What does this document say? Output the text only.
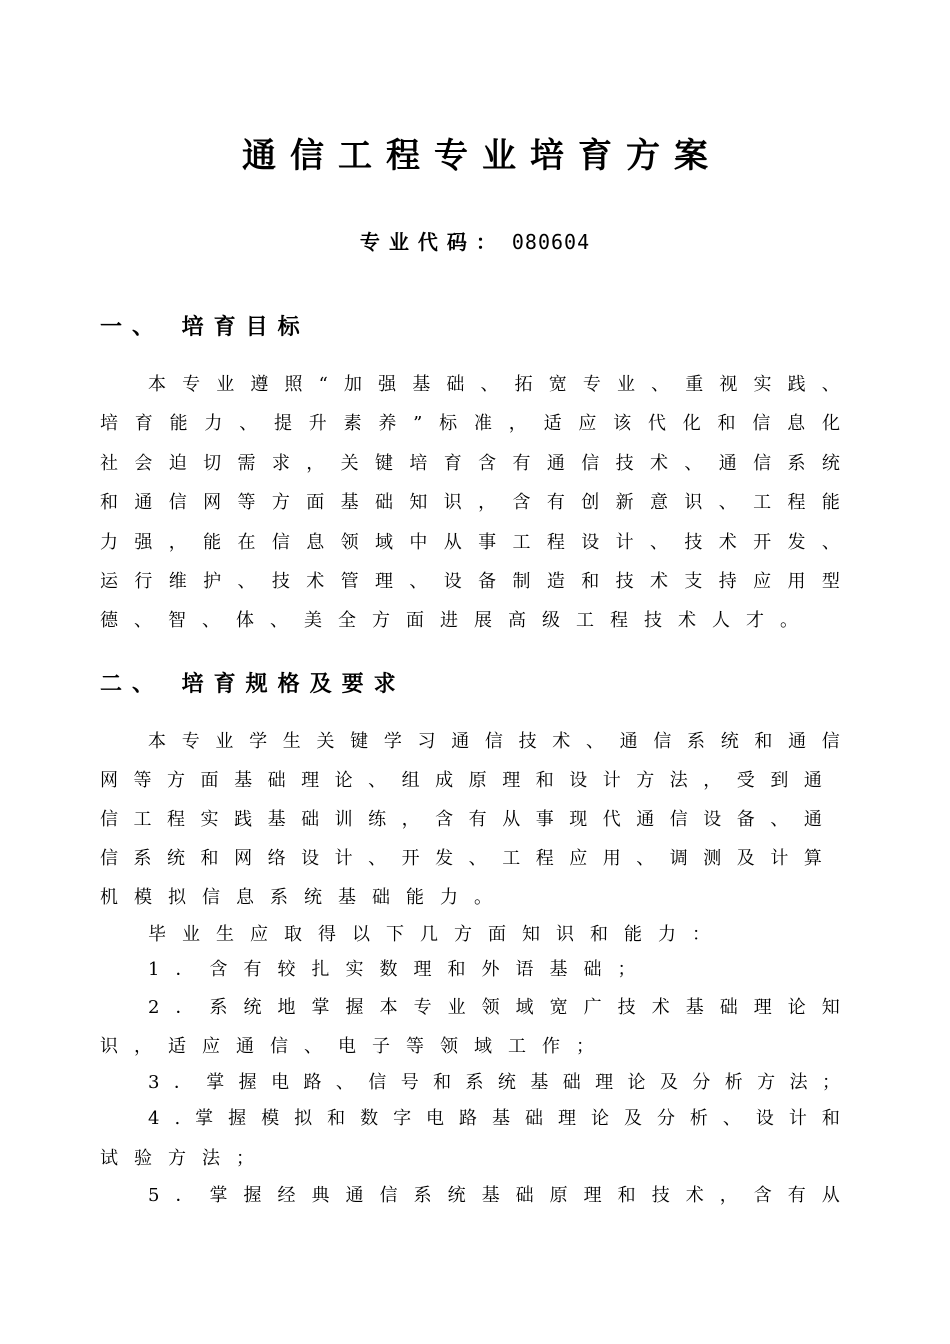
通信工程专业培育方案
专业代码： 080604
一、 培育目标
本 专 业 遵 照 “ 加 强 基 础 、 拓 宽 专 业 、 重 视 实 践 、
培 育 能 力 、 提 升 素 养 ” 标 准 ， 适 应 该 代 化 和 信 息 化
社 会 迫 切 需 求 ， 关 键 培 育 含 有 通 信 技 术 、 通 信 系 统
和 通 信 网 等 方 面 基 础 知 识 ， 含 有 创 新 意 识 、 工 程 能
力 强 ， 能 在 信 息 领 域 中 从 事 工 程 设 计 、 技 术 开 发 、
运 行 维 护 、 技 术 管 理 、 设 备 制 造 和 技 术 支 持 应 用 型
德 、 智 、 体 、 美 全 方 面 进 展 高 级 工 程 技 术 人 才 。
二、 培育规格及要求
本 专 业 学 生 关 键 学 习 通 信 技 术 、 通 信 系 统 和 通 信
网 等 方 面 基 础 理 论 、 组 成 原 理 和 设 计 方 法 ， 受 到 通
信 工 程 实 践 基 础 训 练 ， 含 有 从 事 现 代 通 信 设 备 、 通
信 系 统 和 网 络 设 计 、 开 发 、 工 程 应 用 、 调 测 及 计 算
机 模 拟 信 息 系 统 基 础 能 力 。
毕 业 生 应 取 得 以 下 几 方 面 知 识 和 能 力 ：
1 ． 含 有 较 扎 实 数 理 和 外 语 基 础 ；
2 ． 系 统 地 掌 握 本 专 业 领 域 宽 广 技 术 基 础 理 论 知
识 ， 适 应 通 信 、 电 子 等 领 域 工 作 ；
3 ． 掌 握 电 路 、 信 号 和 系 统 基 础 理 论 及 分 析 方 法 ；
4 . 掌 握 模 拟 和 数 字 电 路 基 础 理 论 及 分 析 、 设 计 和
试 验 方 法 ；
5 ． 掌 握 经 典 通 信 系 统 基 础 原 理 和 技 术 ， 含 有 从
